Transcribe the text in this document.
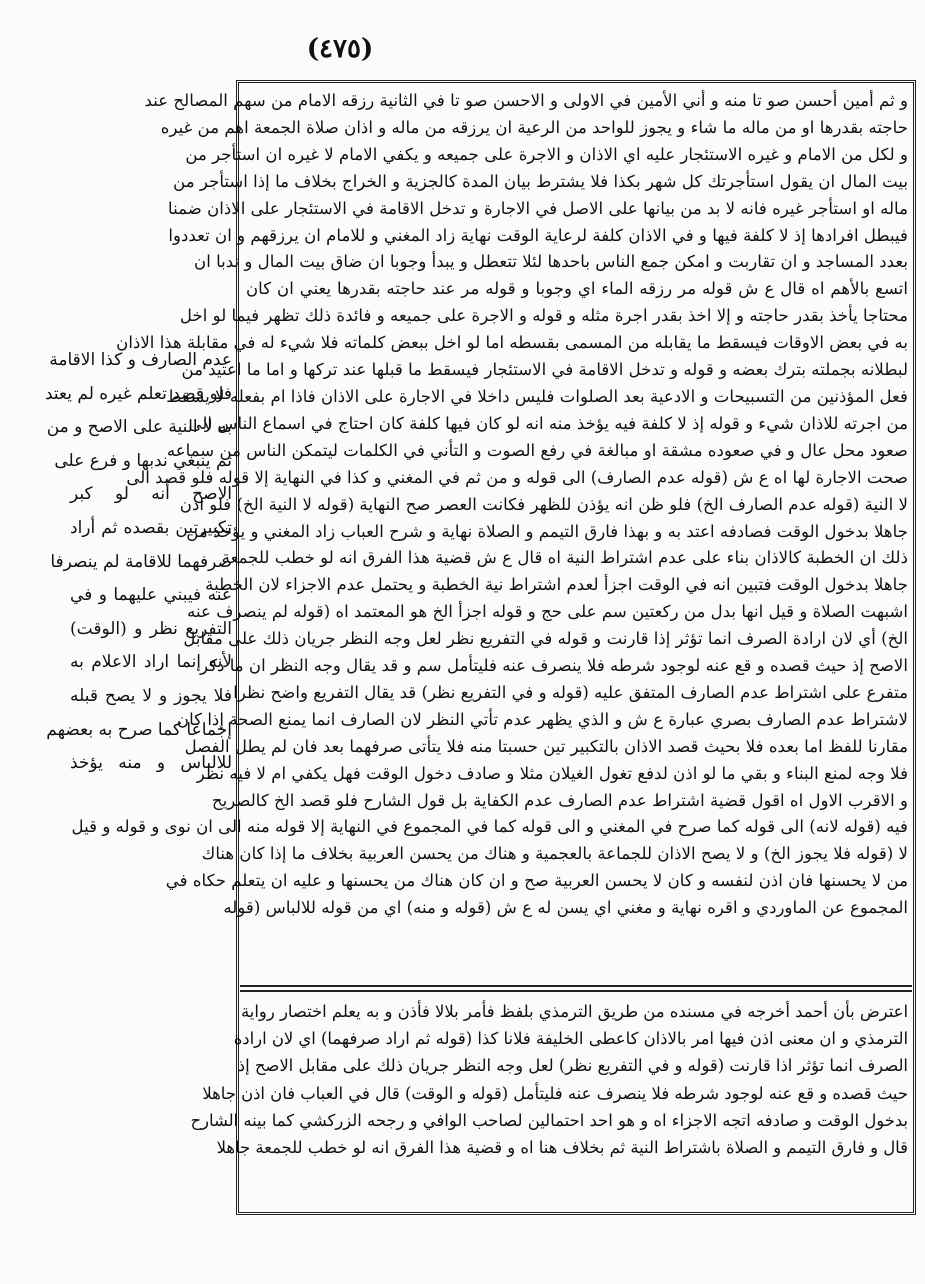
(٤٧٥)
و ثم أمين أحسن صو تا منه و أني الأمين في الاولى و الاحسن صو تا في الثانية رزقه الامام من سهم المصالح عند
حاجته بقدرها او من ماله ما شاء و يجوز للواحد من الرعية ان يرزقه من ماله و اذان صلاة الجمعة اهم من غيره
و لكل من الامام و غيره الاستئجار عليه اي الاذان و الاجرة على جميعه و يكفي الامام لا غيره ان استأجر من
بيت المال ان يقول استأجرتك كل شهر بكذا فلا يشترط بيان المدة كالجزية و الخراج بخلاف ما إذا استأجر من
ماله او استأجر غيره فانه لا بد من بيانها على الاصل في الاجارة و تدخل الاقامة في الاستئجار على الاذان ضمنا
فيبطل افرادها إذ لا كلفة فيها و في الاذان كلفة لرعاية الوقت نهاية زاد المغني و للامام ان يرزقهم و ان تعددوا
بعدد المساجد و ان تقاربت و امكن جمع الناس باحدها لئلا تتعطل و يبدأ وجوبا ان ضاق بيت المال و ندبا ان
اتسع بالأهم اه قال ع ش قوله مر رزقه الماء اي وجوبا و قوله مر عند حاجته بقدرها يعني ان كان
محتاجا يأخذ بقدر حاجته و إلا اخذ بقدر اجرة مثله و قوله و الاجرة على جميعه و فائدة ذلك تظهر فيما لو اخل
به في بعض الاوقات فيسقط ما يقابله من المسمى بقسطه اما لو اخل ببعض كلماته فلا شيء له في مقابلة هذا الاذان
لبطلانه بجملته بترك بعضه و قوله و تدخل الاقامة في الاستئجار فيسقط ما قبلها عند تركها و اما ما اعتيد من
فعل المؤذنين من التسبيحات و الادعية بعد الصلوات فليس داخلا في الاجارة على الاذان فاذا ام بفعله لا يسقط
من اجرته للاذان شيء و قوله إذ لا كلفة فيه يؤخذ منه انه لو كان فيها كلفة كان احتاج في اسماع الناس الى
صعود محل عال و في صعوده مشقة او مبالغة في رفع الصوت و التأني في الكلمات ليتمكن الناس من سماعه
صحت الاجارة لها اه ع ش (قوله عدم الصارف) الى قوله و من ثم في المغني و كذا في النهاية إلا قوله فلو قصد الى
لا النية (قوله عدم الصارف الخ) فلو ظن انه يؤذن للظهر فكانت العصر صح النهاية (قوله لا النية الخ) فلو اذن
جاهلا بدخول الوقت فصادفه اعتد به و بهذا فارق التيمم و الصلاة نهاية و شرح العباب زاد المغني و يؤخذ من
ذلك ان الخطبة كالاذان بناء على عدم اشتراط النية اه قال ع ش قضية هذا الفرق انه لو خطب للجمعة
جاهلا بدخول الوقت فتبين انه في الوقت اجزأ لعدم اشتراط نية الخطبة و يحتمل عدم الاجزاء لان الخطبة
اشبهت الصلاة و قيل انها بدل من ركعتين سم على حج و قوله اجزأ الخ هو المعتمد اه (قوله لم ينصرف عنه
الخ) أي لان ارادة الصرف انما تؤثر إذا قارنت و قوله في التفريع نظر لعل وجه النظر جريان ذلك على مقابل
الاصح إذ حيث قصده و قع عنه لوجود شرطه فلا ينصرف عنه فليتأمل سم و قد يقال وجه النظر ان ما ذكر
متفرع على اشتراط عدم الصارف المتفق عليه (قوله و في التفريع نظر) قد يقال التفريع واضح نظرا
لاشتراط عدم الصارف بصري عبارة ع ش و الذي يظهر عدم تأتي النظر لان الصارف انما يمنع الصحة إذا كان
مقارنا للفظ اما بعده فلا بحيث قصد الاذان بالتكبير تين حسبتا منه فلا يتأتى صرفهما بعد فان لم يطل الفصل
فلا وجه لمنع البناء و بقي ما لو اذن لدفع تغول الغيلان مثلا و صادف دخول الوقت فهل يكفي ام لا فيه نظر
و الاقرب الاول اه اقول قضية اشتراط عدم الصارف عدم الكفاية بل قول الشارح فلو قصد الخ كالصريح
فيه (قوله لانه) الى قوله كما صرح في المغني و الى قوله كما في المجموع في النهاية إلا قوله منه الى ان نوى و قوله و قيل
لا (قوله فلا يجوز الخ) و لا يصح الاذان للجماعة بالعجمية و هناك من يحسن العربية بخلاف ما إذا كان هناك
من لا يحسنها فان اذن لنفسه و كان لا يحسن العربية صح و ان كان هناك من يحسنها و عليه ان يتعلم حكاه في
المجموع عن الماوردي و اقره نهاية و مغني اي يسن له ع ش (قوله و منه) اي من قوله للالباس (قوله
اعترض بأن أحمد أخرجه في مسنده من طريق الترمذي بلفظ فأمر بلالا فأذن و به يعلم اختصار رواية
الترمذي و ان معنى اذن فيها امر بالاذان كاعطى الخليفة فلانا كذا (قوله ثم اراد صرفهما) اي لان ارادة
الصرف انما تؤثر اذا قارنت (قوله و في التفريع نظر) لعل وجه النظر جريان ذلك على مقابل الاصح إذ
حيث قصده و قع عنه لوجود شرطه فلا ينصرف عنه فليتأمل (قوله و الوقت) قال في العباب فان اذن جاهلا
بدخول الوقت و صادفه اتجه الاجزاء اه و هو احد احتمالين لصاحب الوافي و رجحه الزركشي كما بينه الشارح
قال و فارق التيمم و الصلاة باشتراط النية ثم بخلاف هنا اه و قضية هذا الفرق انه لو خطب للجمعة جاهلا
عدم الصارف و كذا الاقامة
فلو قصد تعلم غيره لم يعتد
به لا النية على الاصح و من
ثم ينبغي ندبها و فرع على
الاصح أنه لو كبر
تكبيرتين بقصده ثم أراد
صرفهما للاقامة لم ينصرفا
عنه فيبني عليهما و في
التفريع نظر و (الوقت)
لأنه إنما اراد الاعلام به
فلا يجوز و لا يصح قبله
إجماعا كما صرح به بعضهم
للالباس و منه يؤخذ
